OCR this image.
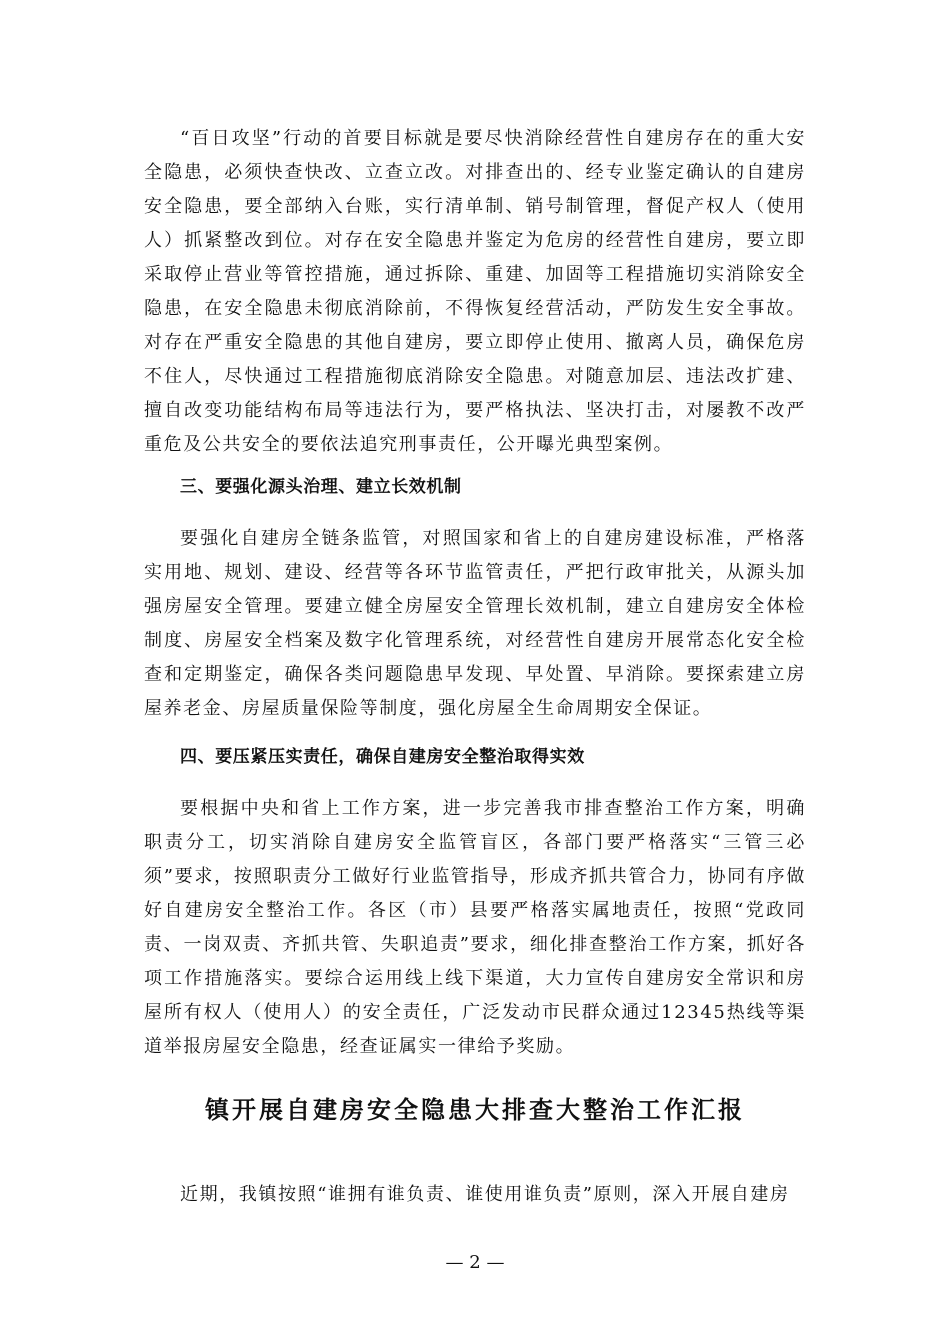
“百日攻坚”行动的首要目标就是要尽快消除经营性自建房存在的重大安全隐患，必须快查快改、立查立改。对排查出的、经专业鉴定确认的自建房安全隐患，要全部纳入台账，实行清单制、销号制管理，督促产权人（使用人）抓紧整改到位。对存在安全隐患并鉴定为危房的经营性自建房，要立即采取停止营业等管控措施，通过拆除、重建、加固等工程措施切实消除安全隐患，在安全隐患未彻底消除前，不得恢复经营活动，严防发生安全事故。对存在严重安全隐患的其他自建房，要立即停止使用、撤离人员，确保危房不住人，尽快通过工程措施彻底消除安全隐患。对随意加层、违法改扩建、擅自改变功能结构布局等违法行为，要严格执法、坚决打击，对屡教不改严重危及公共安全的要依法追究刑事责任，公开曝光典型案例。

三、要强化源头治理、建立长效机制

要强化自建房全链条监管，对照国家和省上的自建房建设标准，严格落实用地、规划、建设、经营等各环节监管责任，严把行政审批关，从源头加强房屋安全管理。要建立健全房屋安全管理长效机制，建立自建房安全体检制度、房屋安全档案及数字化管理系统，对经营性自建房开展常态化安全检查和定期鉴定，确保各类问题隐患早发现、早处置、早消除。要探索建立房屋养老金、房屋质量保险等制度，强化房屋全生命周期安全保证。

四、要压紧压实责任，确保自建房安全整治取得实效

要根据中央和省上工作方案，进一步完善我市排查整治工作方案，明确职责分工，切实消除自建房安全监管盲区，各部门要严格落实“三管三必须”要求，按照职责分工做好行业监管指导，形成齐抓共管合力，协同有序做好自建房安全整治工作。各区（市）县要严格落实属地责任，按照“党政同责、一岗双责、齐抓共管、失职追责”要求，细化排查整治工作方案，抓好各项工作措施落实。要综合运用线上线下渠道，大力宣传自建房安全常识和房屋所有权人（使用人）的安全责任，广泛发动市民群众通过12345热线等渠道举报房屋安全隐患，经查证属实一律给予奖励。

镇开展自建房安全隐患大排查大整治工作汇报

近期，我镇按照“谁拥有谁负责、谁使用谁负责”原则，深入开展自建房

— 2 —
